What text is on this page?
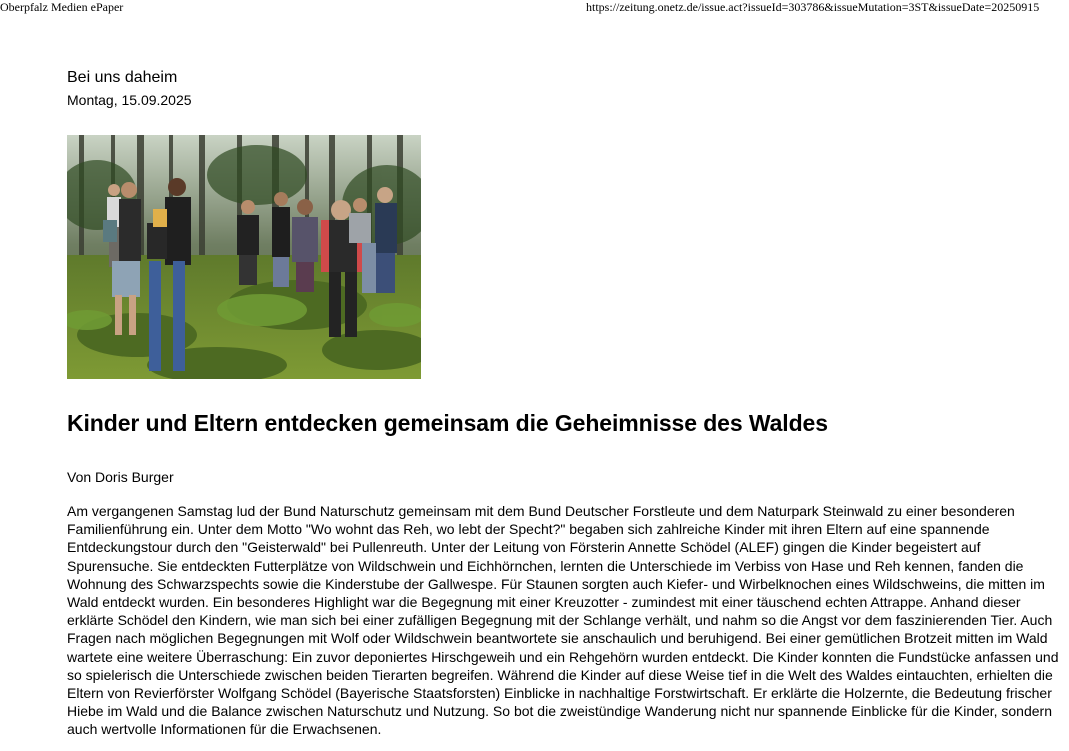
Oberpfalz Medien ePaper	https://zeitung.onetz.de/issue.act?issueId=303786&issueMutation=3ST&issueDate=20250915

Bei uns daheim

Montag, 15.09.2025

Kinder und Eltern entdecken gemeinsam die Geheimnisse des Waldes

Von Doris Burger

Am vergangenen Samstag lud der Bund Naturschutz gemeinsam mit dem Bund Deutscher Forstleute und dem Naturpark Steinwald zu einer besonderen Familienführung ein. Unter dem Motto "Wo wohnt das Reh, wo lebt der Specht?" begaben sich zahlreiche Kinder mit ihren Eltern auf eine spannende Entdeckungstour durch den "Geisterwald" bei Pullenreuth. Unter der Leitung von Försterin Annette Schödel (ALEF) gingen die Kinder begeistert auf Spurensuche. Sie entdeckten Futterplätze von Wildschwein und Eichhörnchen, lernten die Unterschiede im Verbiss von Hase und Reh kennen, fanden die Wohnung des Schwarzspechts sowie die Kinderstube der Gallwespe. Für Staunen sorgten auch Kiefer- und Wirbelknochen eines Wildschweins, die mitten im Wald entdeckt wurden. Ein besonderes Highlight war die Begegnung mit einer Kreuzotter - zumindest mit einer täuschend echten Attrappe. Anhand dieser erklärte Schödel den Kindern, wie man sich bei einer zufälligen Begegnung mit der Schlange verhält, und nahm so die Angst vor dem faszinierenden Tier. Auch Fragen nach möglichen Begegnungen mit Wolf oder Wildschwein beantwortete sie anschaulich und beruhigend. Bei einer gemütlichen Brotzeit mitten im Wald wartete eine weitere Überraschung: Ein zuvor deponiertes Hirschgeweih und ein Rehgehörn wurden entdeckt. Die Kinder konnten die Fundstücke anfassen und so spielerisch die Unterschiede zwischen beiden Tierarten begreifen. Während die Kinder auf diese Weise tief in die Welt des Waldes eintauchten, erhielten die Eltern von Revierförster Wolfgang Schödel (Bayerische Staatsforsten) Einblicke in nachhaltige Forstwirtschaft. Er erklärte die Holzernte, die Bedeutung frischer Hiebe im Wald und die Balance zwischen Naturschutz und Nutzung. So bot die zweistündige Wanderung nicht nur spannende Einblicke für die Kinder, sondern auch wertvolle Informationen für die Erwachsenen.
